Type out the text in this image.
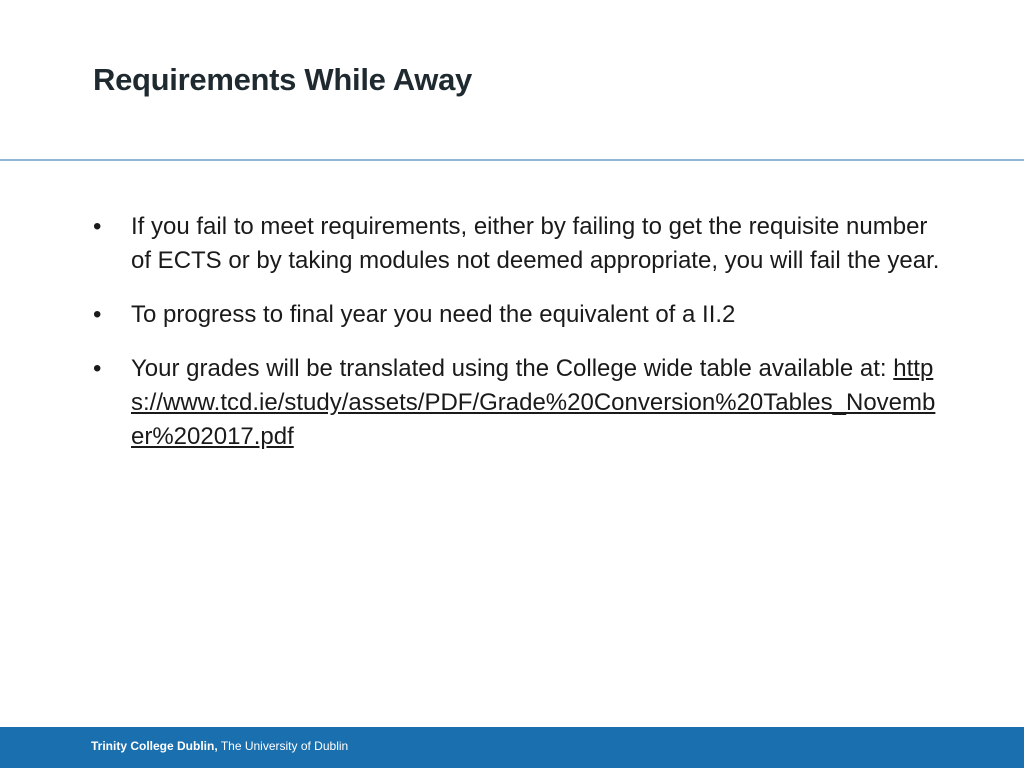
Requirements While Away
•	If you fail to meet requirements, either by failing to get the requisite number of ECTS or by taking modules not deemed appropriate, you will fail the year.
•	To progress to final year you need the equivalent of a II.2
•	Your grades will be translated using the College wide table available at: https://www.tcd.ie/study/assets/PDF/Grade%20Conversion%20Tables_November%202017.pdf
Trinity College Dublin, The University of Dublin
